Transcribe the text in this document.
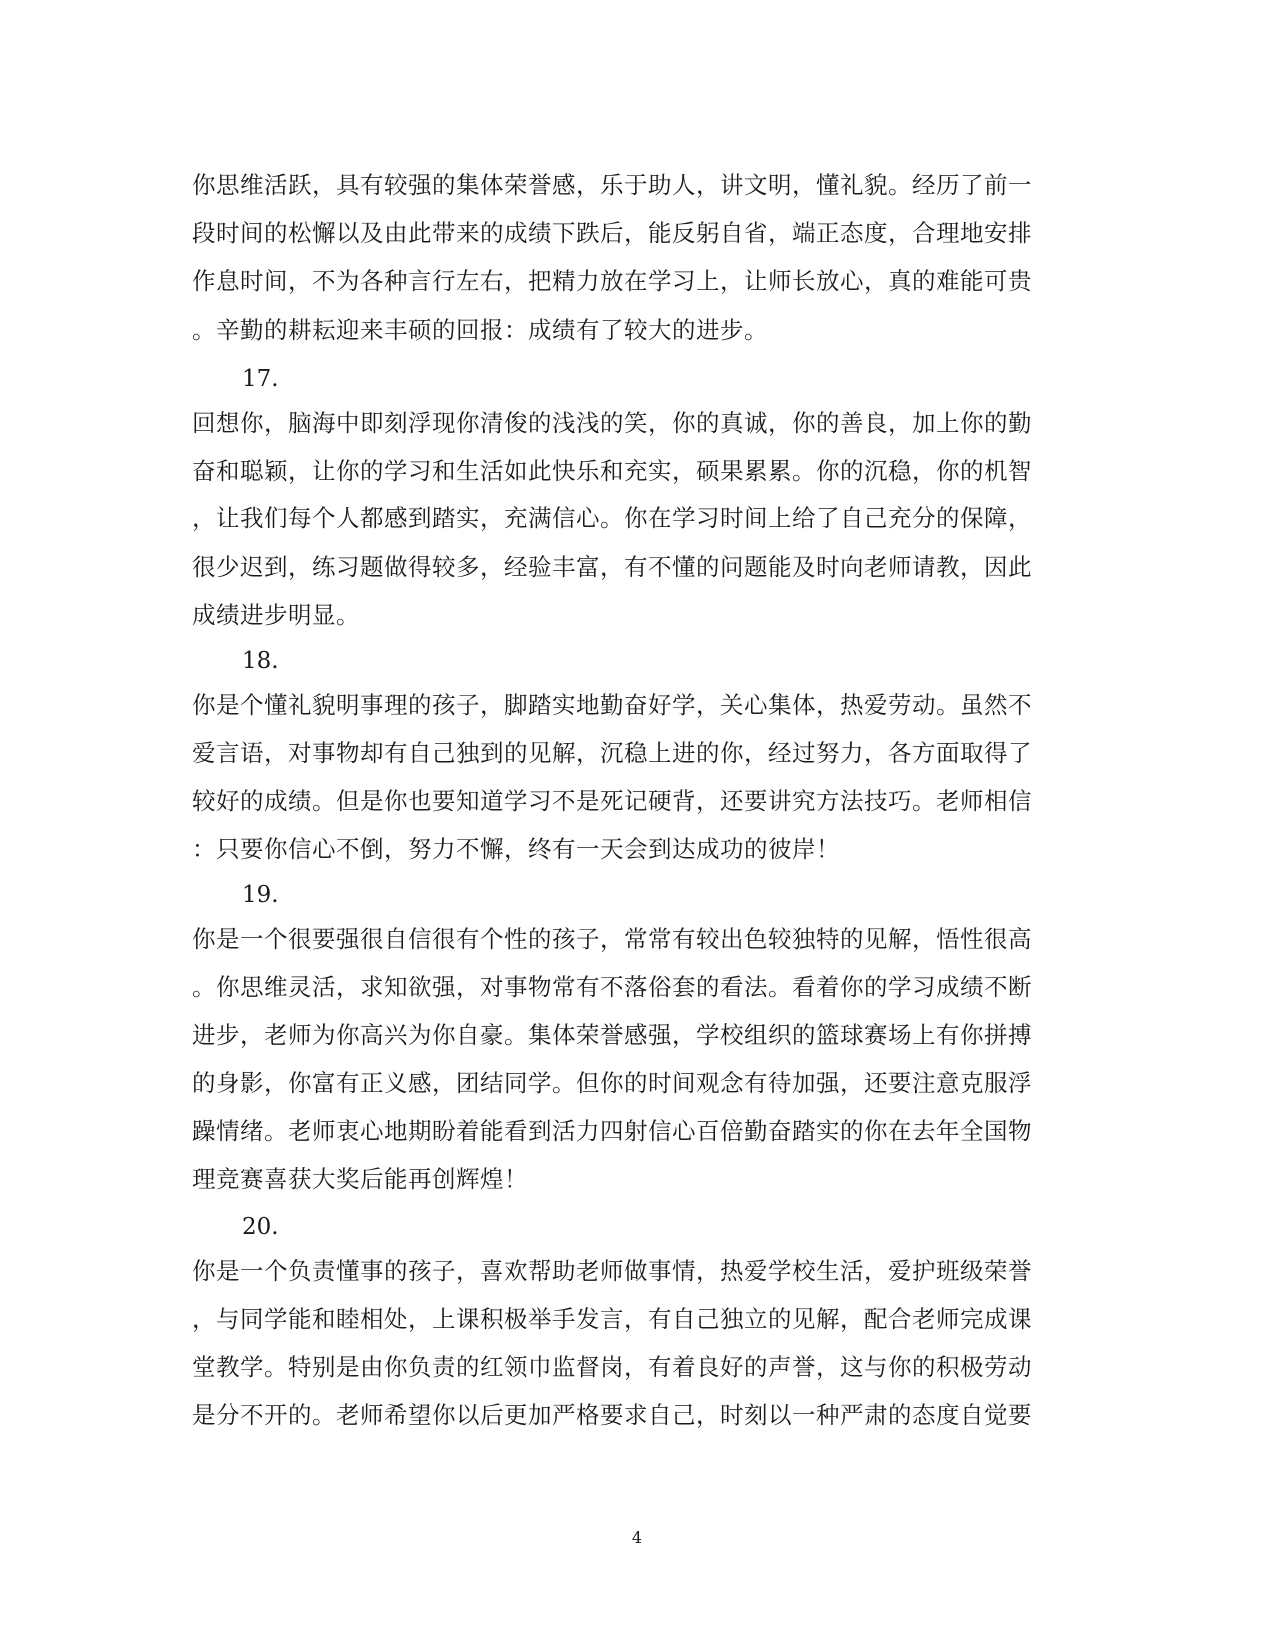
你思维活跃，具有较强的集体荣誉感，乐于助人，讲文明，懂礼貌。经历了前一
段时间的松懈以及由此带来的成绩下跌后，能反躬自省，端正态度，合理地安排
作息时间，不为各种言行左右，把精力放在学习上，让师长放心，真的难能可贵
。辛勤的耕耘迎来丰硕的回报：成绩有了较大的进步。
17.
回想你，脑海中即刻浮现你清俊的浅浅的笑，你的真诚，你的善良，加上你的勤
奋和聪颖，让你的学习和生活如此快乐和充实，硕果累累。你的沉稳，你的机智
，让我们每个人都感到踏实，充满信心。你在学习时间上给了自己充分的保障，
很少迟到，练习题做得较多，经验丰富，有不懂的问题能及时向老师请教，因此
成绩进步明显。
18.
你是个懂礼貌明事理的孩子，脚踏实地勤奋好学，关心集体，热爱劳动。虽然不
爱言语，对事物却有自己独到的见解，沉稳上进的你，经过努力，各方面取得了
较好的成绩。但是你也要知道学习不是死记硬背，还要讲究方法技巧。老师相信
：只要你信心不倒，努力不懈，终有一天会到达成功的彼岸！
19.
你是一个很要强很自信很有个性的孩子，常常有较出色较独特的见解，悟性很高
。你思维灵活，求知欲强，对事物常有不落俗套的看法。看着你的学习成绩不断
进步，老师为你高兴为你自豪。集体荣誉感强，学校组织的篮球赛场上有你拼搏
的身影，你富有正义感，团结同学。但你的时间观念有待加强，还要注意克服浮
躁情绪。老师衷心地期盼着能看到活力四射信心百倍勤奋踏实的你在去年全国物
理竞赛喜获大奖后能再创辉煌！
20.
你是一个负责懂事的孩子，喜欢帮助老师做事情，热爱学校生活，爱护班级荣誉
，与同学能和睦相处，上课积极举手发言，有自己独立的见解，配合老师完成课
堂教学。特别是由你负责的红领巾监督岗，有着良好的声誉，这与你的积极劳动
是分不开的。老师希望你以后更加严格要求自己，时刻以一种严肃的态度自觉要
4
